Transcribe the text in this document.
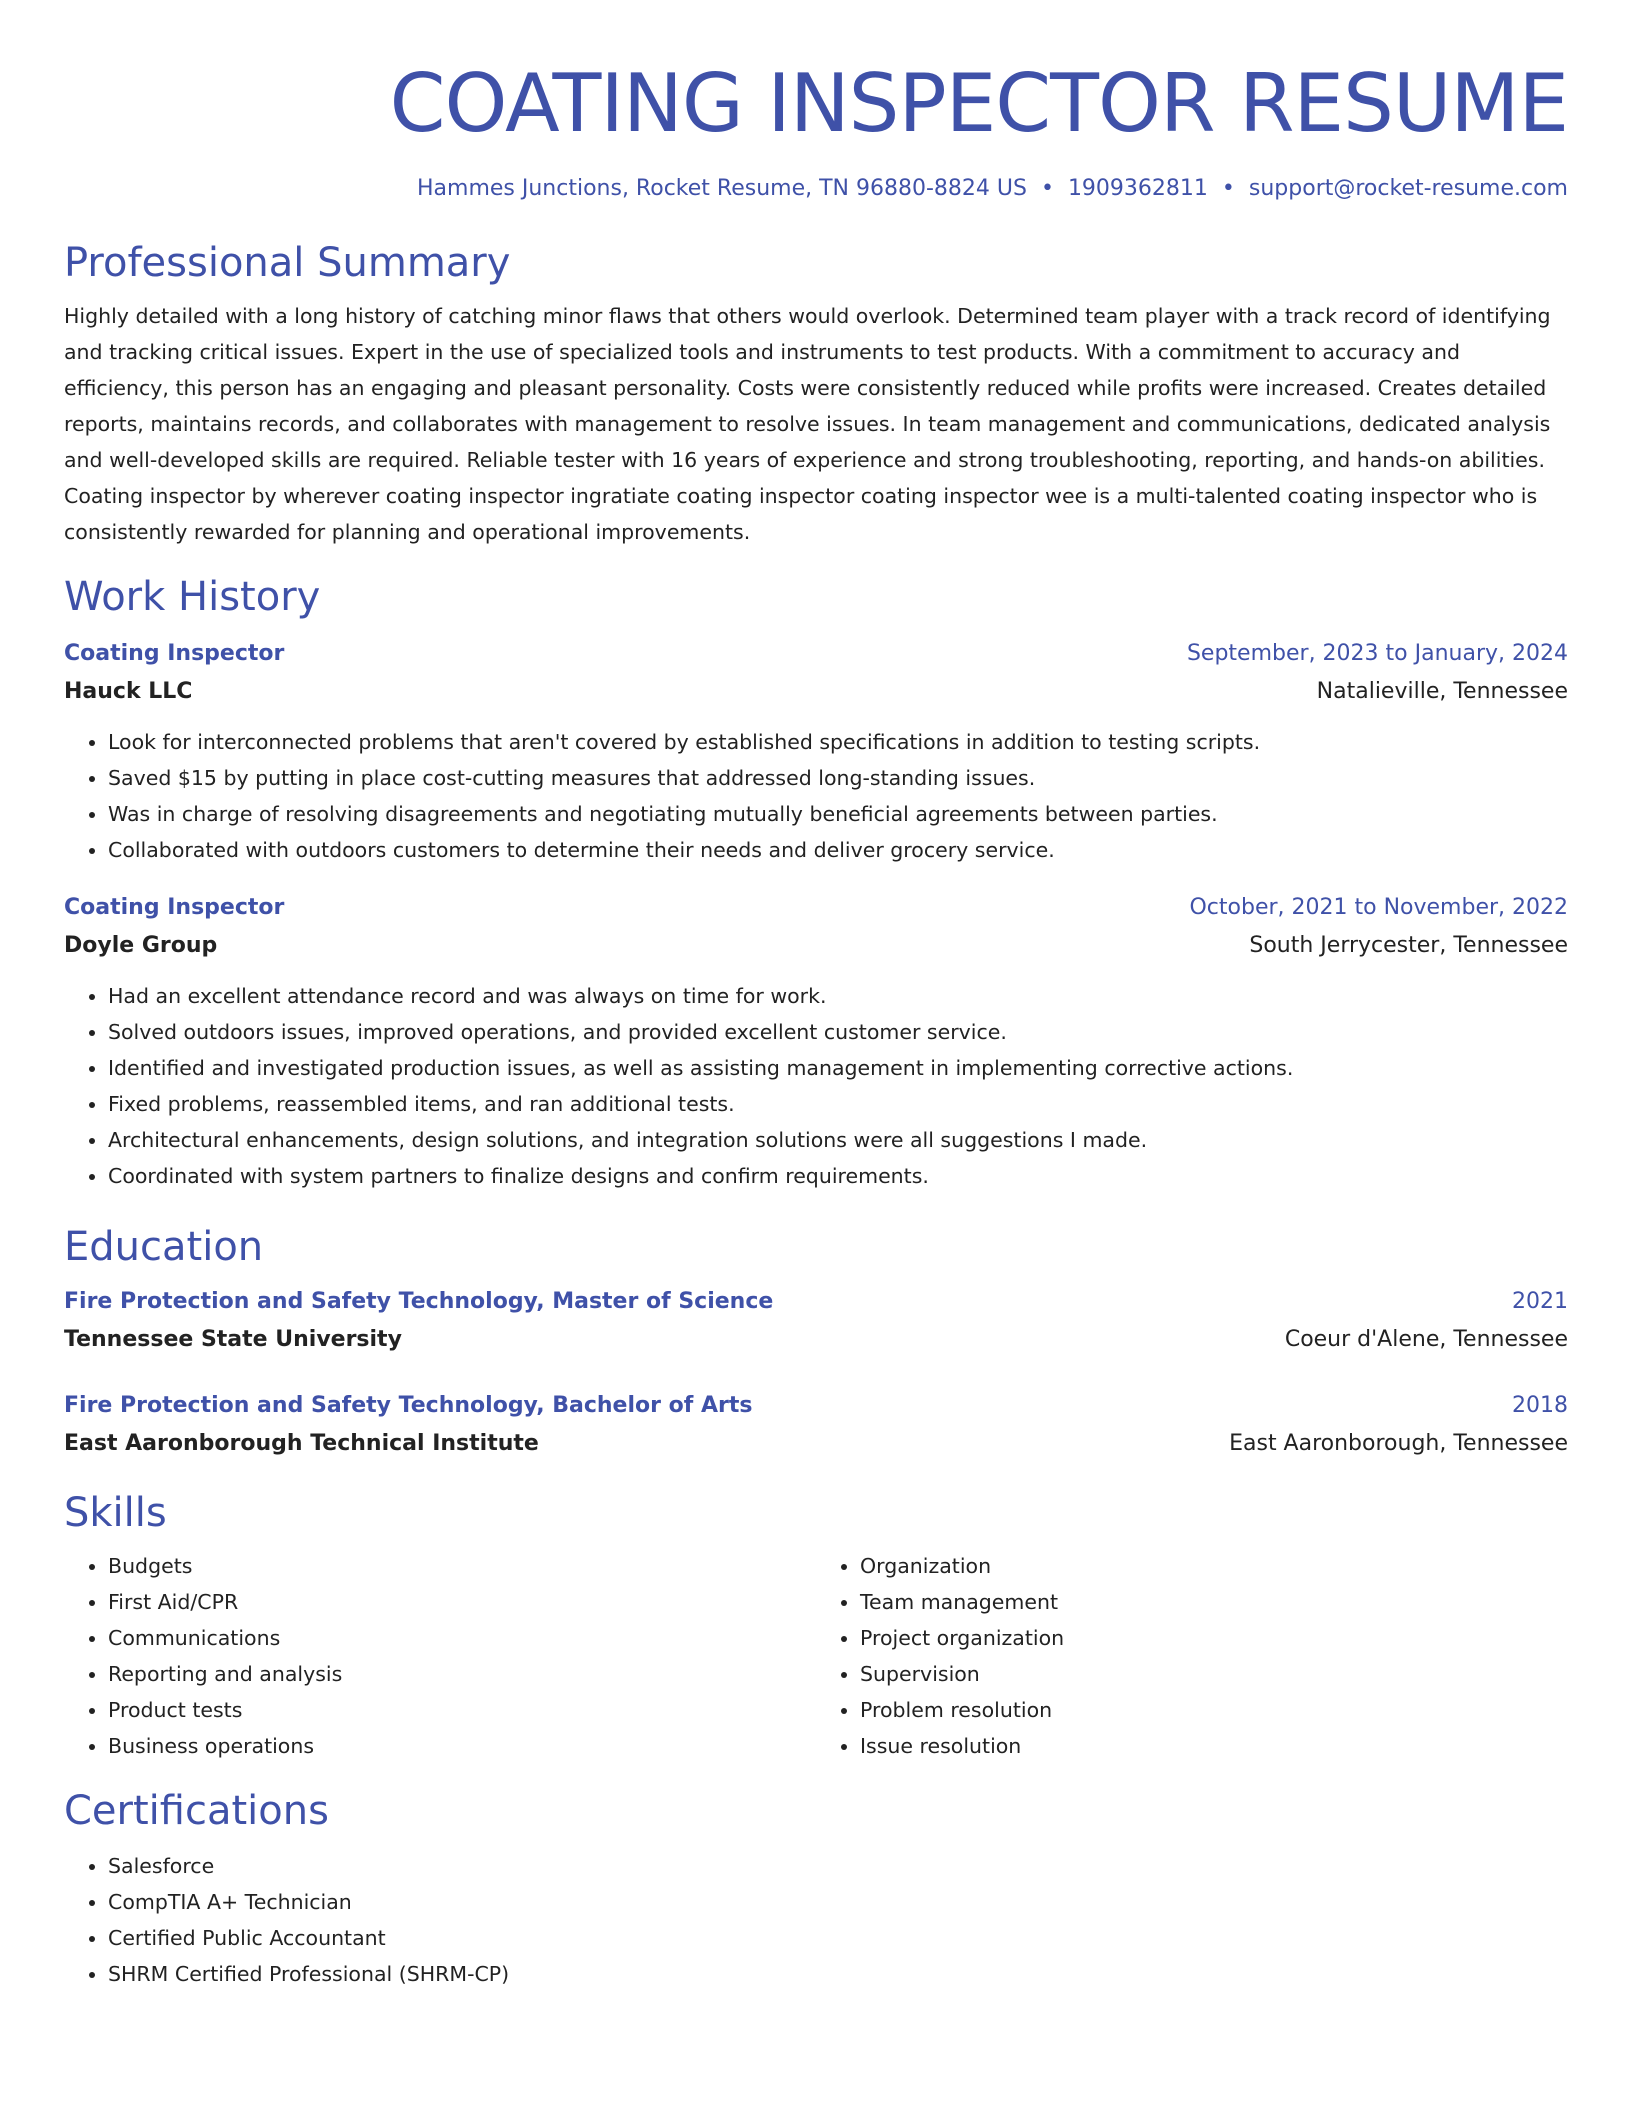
COATING INSPECTOR RESUME
Hammes Junctions, Rocket Resume, TN 96880-8824 US • 1909362811 • support@rocket-resume.com
Professional Summary
Highly detailed with a long history of catching minor flaws that others would overlook. Determined team player with a track record of identifying and tracking critical issues. Expert in the use of specialized tools and instruments to test products. With a commitment to accuracy and efficiency, this person has an engaging and pleasant personality. Costs were consistently reduced while profits were increased. Creates detailed reports, maintains records, and collaborates with management to resolve issues. In team management and communications, dedicated analysis and well-developed skills are required. Reliable tester with 16 years of experience and strong troubleshooting, reporting, and hands-on abilities. Coating inspector by wherever coating inspector ingratiate coating inspector coating inspector wee is a multi-talented coating inspector who is consistently rewarded for planning and operational improvements.
Work History
Coating Inspector	September, 2023 to January, 2024
Hauck LLC	Natalieville, Tennessee
• Look for interconnected problems that aren't covered by established specifications in addition to testing scripts.
• Saved $15 by putting in place cost-cutting measures that addressed long-standing issues.
• Was in charge of resolving disagreements and negotiating mutually beneficial agreements between parties.
• Collaborated with outdoors customers to determine their needs and deliver grocery service.
Coating Inspector	October, 2021 to November, 2022
Doyle Group	South Jerrycester, Tennessee
• Had an excellent attendance record and was always on time for work.
• Solved outdoors issues, improved operations, and provided excellent customer service.
• Identified and investigated production issues, as well as assisting management in implementing corrective actions.
• Fixed problems, reassembled items, and ran additional tests.
• Architectural enhancements, design solutions, and integration solutions were all suggestions I made.
• Coordinated with system partners to finalize designs and confirm requirements.
Education
Fire Protection and Safety Technology, Master of Science	2021
Tennessee State University	Coeur d'Alene, Tennessee
Fire Protection and Safety Technology, Bachelor of Arts	2018
East Aaronborough Technical Institute	East Aaronborough, Tennessee
Skills
• Budgets
• First Aid/CPR
• Communications
• Reporting and analysis
• Product tests
• Business operations
• Organization
• Team management
• Project organization
• Supervision
• Problem resolution
• Issue resolution
Certifications
• Salesforce
• CompTIA A+ Technician
• Certified Public Accountant
• SHRM Certified Professional (SHRM-CP)
